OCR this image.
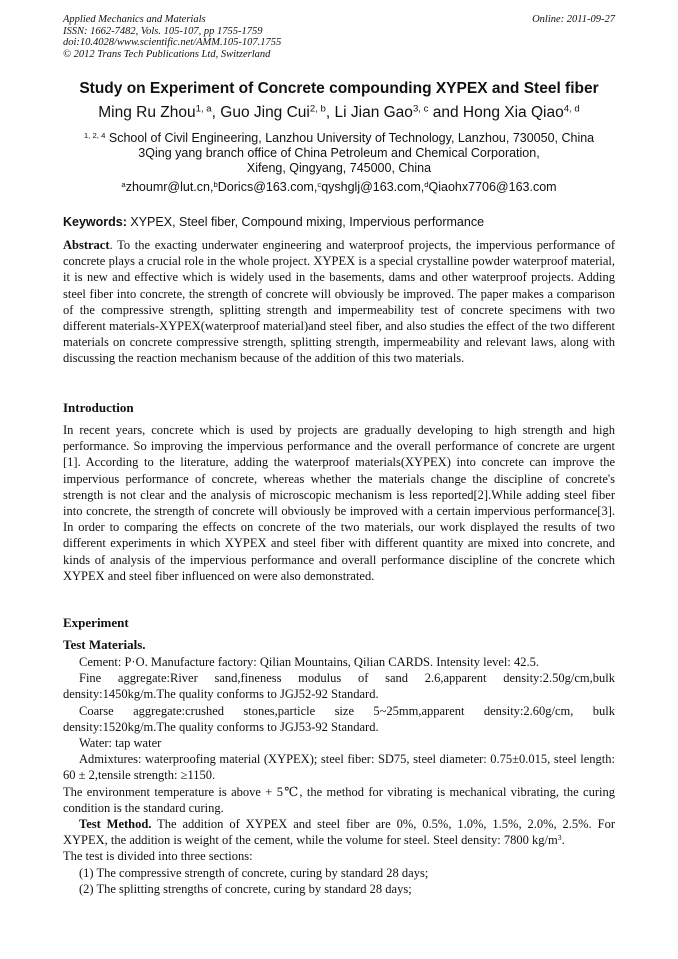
Applied Mechanics and Materials
ISSN: 1662-7482, Vols. 105-107, pp 1755-1759
doi:10.4028/www.scientific.net/AMM.105-107.1755
© 2012 Trans Tech Publications Ltd, Switzerland
Online: 2011-09-27
Study on Experiment of Concrete compounding XYPEX and Steel fiber
Ming Ru Zhou$^{1, a}$, Guo Jing Cui$^{2, b}$, Li Jian Gao$^{3, c}$ and Hong Xia Qiao$^{4, d}$
$^{1, 2, 4}$ School of Civil Engineering, Lanzhou University of Technology, Lanzhou, 730050, China
3Qing yang branch office of China Petroleum and Chemical Corporation,
Xifeng, Qingyang, 745000, China
$^a$zhoumr@lut.cn,$^b$Dorics@163.com,$^c$qyshglj@163.com,$^d$Qiaohx7706@163.com
Keywords: XYPEX, Steel fiber, Compound mixing, Impervious performance

Abstract. To the exacting underwater engineering and waterproof projects, the impervious performance of concrete plays a crucial role in the whole project. XYPEX is a special crystalline powder waterproof material, it is new and effective which is widely used in the basements, dams and other waterproof projects. Adding steel fiber into concrete, the strength of concrete will obviously be improved. The paper makes a comparison of the compressive strength, splitting strength and impermeability test of concrete specimens with two different materials-XYPEX(waterproof material)and steel fiber, and also studies the effect of the two different materials on concrete compressive strength, splitting strength, impermeability and relevant laws, along with discussing the reaction mechanism because of the addition of this two materials.

Introduction

In recent years, concrete which is used by projects are gradually developing to high strength and high performance. So improving the impervious performance and the overall performance of concrete are urgent [1]. According to the literature, adding the waterproof materials(XYPEX) into concrete can improve the impervious performance of concrete, whereas whether the materials change the discipline of concrete's strength is not clear and the analysis of microscopic mechanism is less reported[2].While adding steel fiber into concrete, the strength of concrete will obviously be improved with a certain impervious performance[3]. In order to comparing the effects on concrete of the two materials, our work displayed the results of two different experiments in which XYPEX and steel fiber with different quantity are mixed into concrete, and kinds of analysis of the impervious performance and overall performance discipline of the concrete which XYPEX and steel fiber influenced on were also demonstrated.

Experiment
Test Materials.

Cement: P·O. Manufacture factory: Qilian Mountains, Qilian CARDS. Intensity level: 42.5.

Fine aggregate:River sand,fineness modulus of sand 2.6,apparent density:2.50g/cm,bulk density:1450kg/m.The quality conforms to JGJ52-92 Standard.

Coarse aggregate:crushed stones,particle size 5~25mm,apparent density:2.60g/cm, bulk density:1520kg/m.The quality conforms to JGJ53-92 Standard.

Water: tap water

Admixtures: waterproofing material (XYPEX); steel fiber: SD75, steel diameter: 0.75±0.015, steel length: 60 ± 2,tensile strength: ≥1150.

The environment temperature is above + 5℃, the method for vibrating is mechanical vibrating, the curing condition is the standard curing.

Test Method. The addition of XYPEX and steel fiber are 0%, 0.5%, 1.0%, 1.5%, 2.0%, 2.5%. For XYPEX, the addition is weight of the cement, while the volume for steel. Steel density: 7800 $kg/m^3$.

The test is divided into three sections:

(1) The compressive strength of concrete, curing by standard 28 days;

(2) The splitting strengths of concrete, curing by standard 28 days;
